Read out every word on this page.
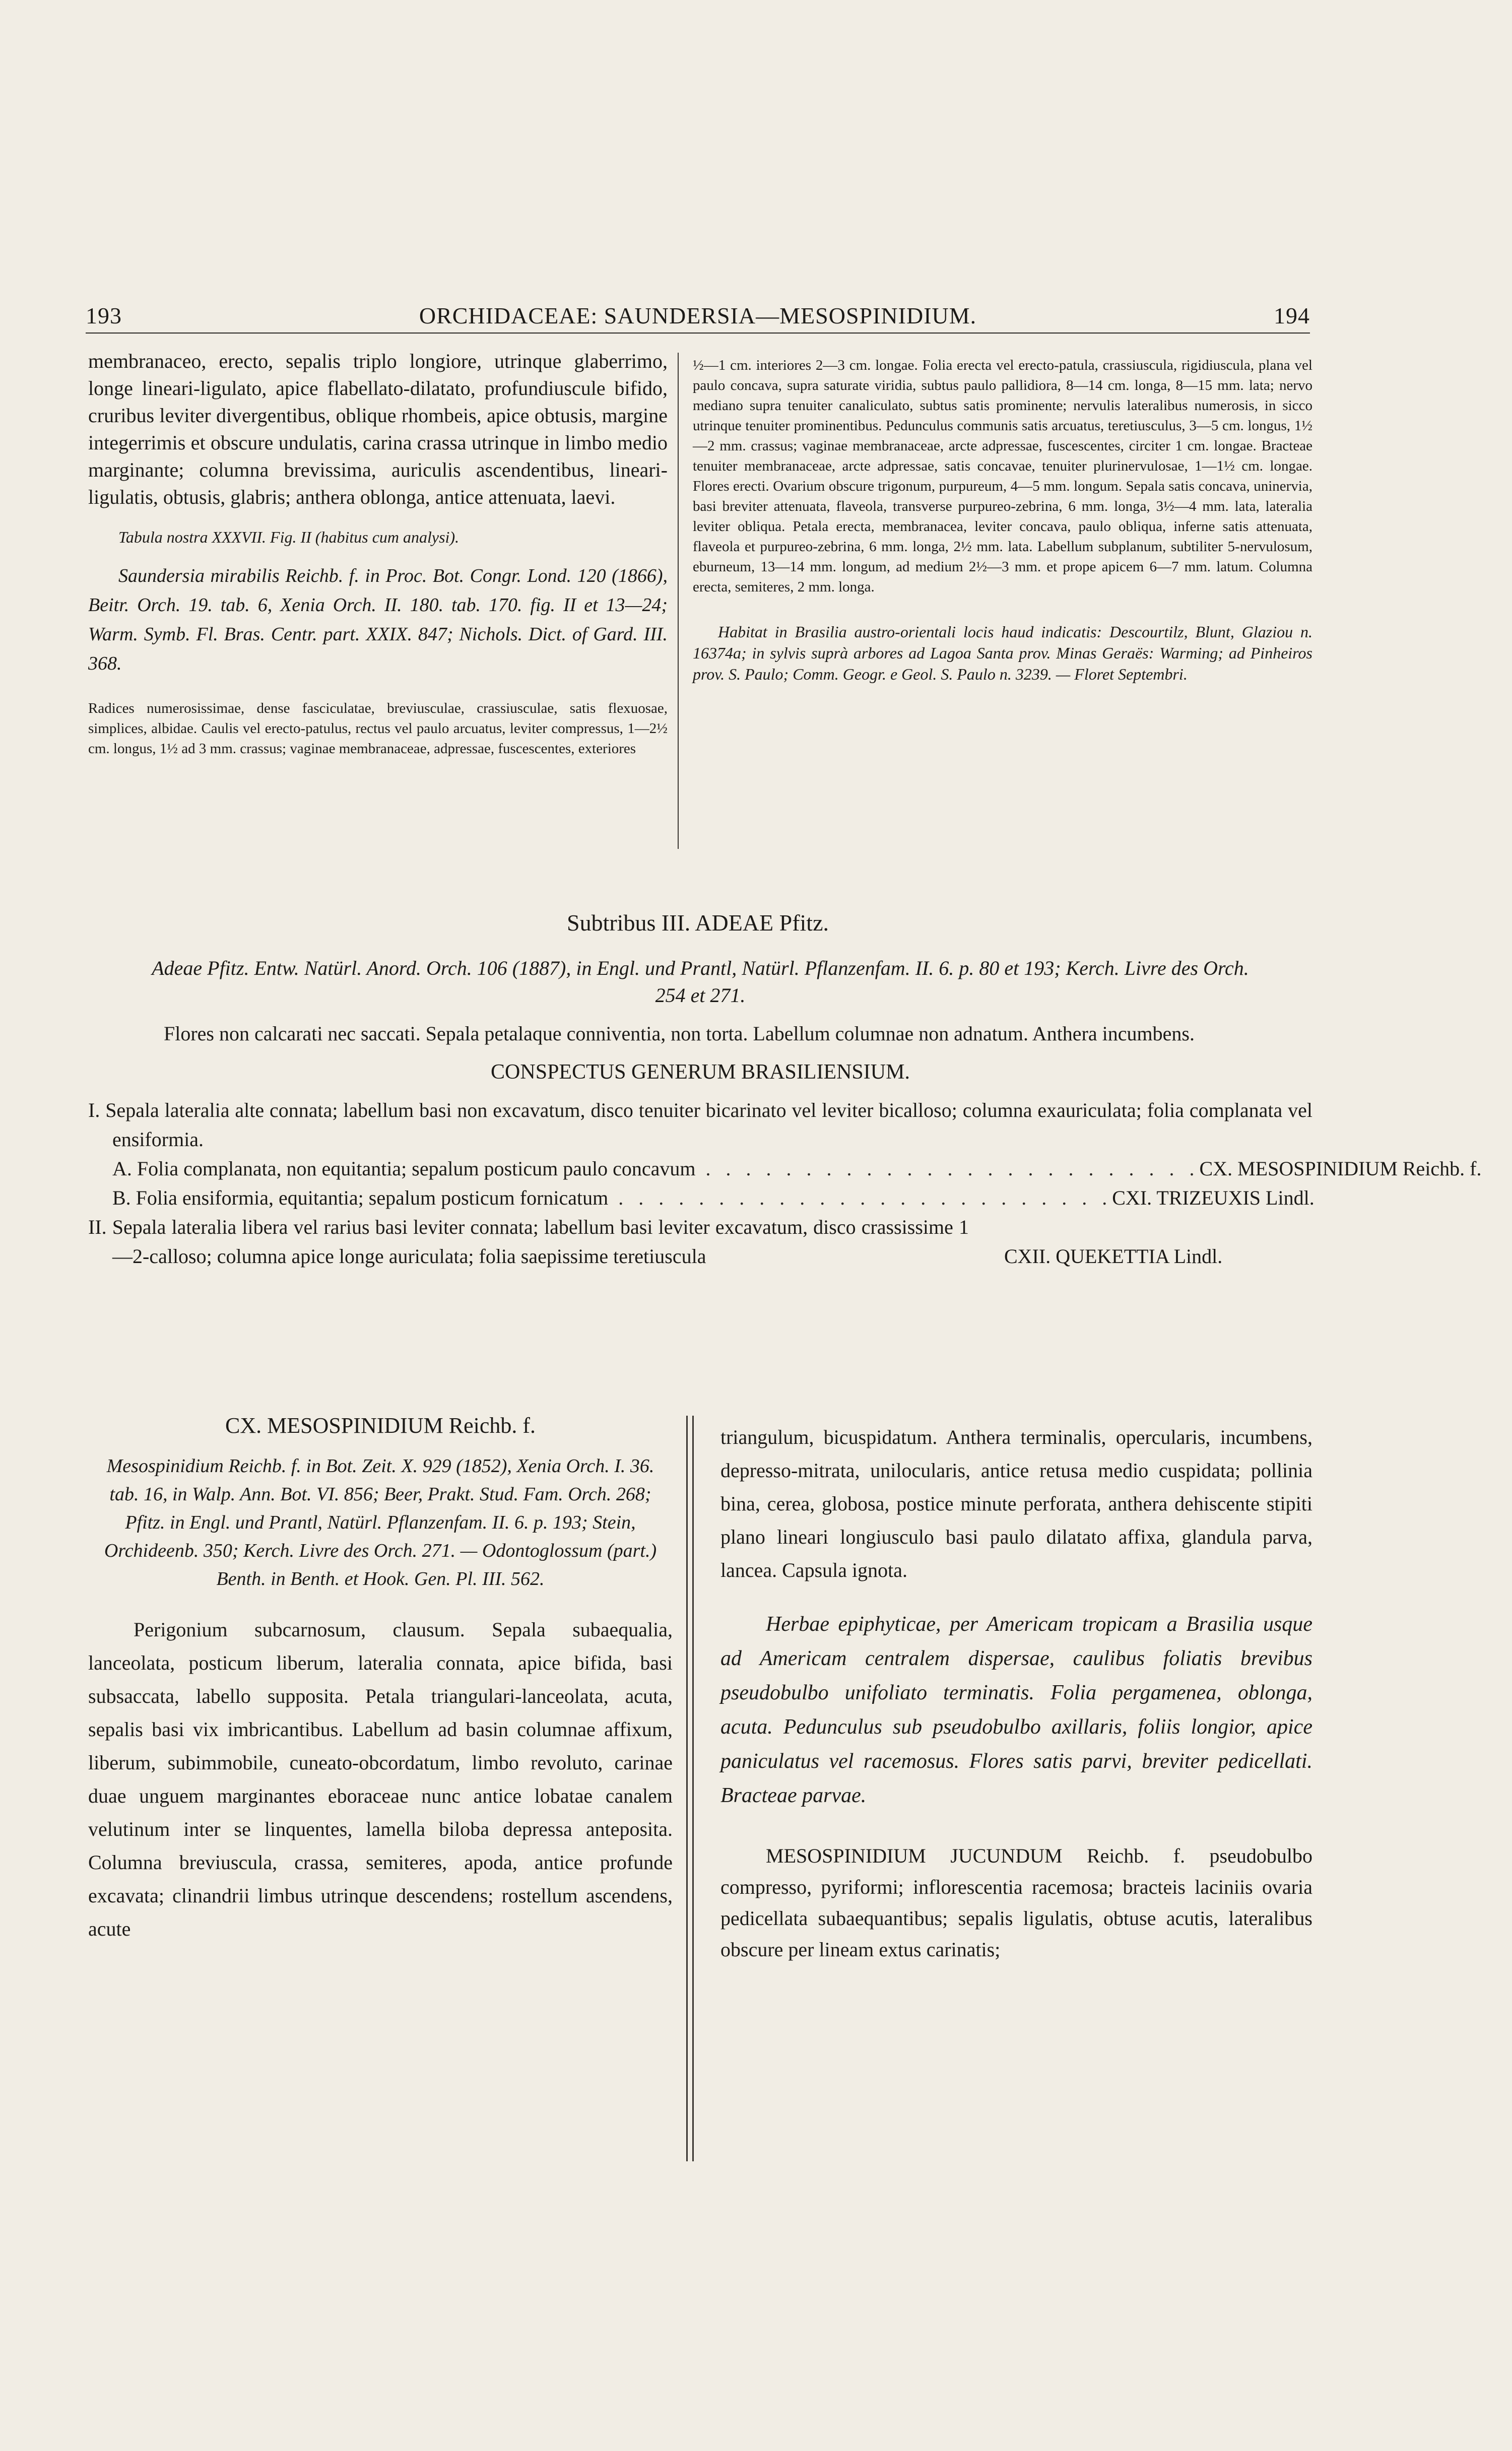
193	ORCHIDACEAE: SAUNDERSIA—MESOSPINIDIUM.	194

membranaceo, erecto, sepalis triplo longiore, utrinque glaberrimo, longe lineari-ligulato, apice flabellato-dilatato, profundiuscule bifido, cruribus leviter divergentibus, oblique rhombeis, apice obtusis, margine integerrimis et obscure undulatis, carina crassa utrinque in limbo medio marginante; columna brevissima, auriculis ascendentibus, lineari-ligulatis, obtusis, glabris; anthera oblonga, antice attenuata, laevi.

Tabula nostra XXXVII. Fig. II (habitus cum analysi).

Saundersia mirabilis Reichb. f. in Proc. Bot. Congr. Lond. 120 (1866), Beitr. Orch. 19. tab. 6, Xenia Orch. II. 180. tab. 170. fig. II et 13—24; Warm. Symb. Fl. Bras. Centr. part. XXIX. 847; Nichols. Dict. of Gard. III. 368.

Radices numerosissimae, dense fasciculatae, breviusculae, crassiusculae, satis flexuosae, simplices, albidae. Caulis vel erecto-patulus, rectus vel paulo arcuatus, leviter compressus, 1—2½ cm. longus, 1½ ad 3 mm. crassus; vaginae membranaceae, adpressae, fuscescentes, exteriores

½—1 cm. interiores 2—3 cm. longae. Folia erecta vel erecto-patula, crassiuscula, rigidiuscula, plana vel paulo concava, supra saturate viridia, subtus paulo pallidiora, 8—14 cm. longa, 8—15 mm. lata; nervo mediano supra tenuiter canaliculato, subtus satis prominente; nervulis lateralibus numerosis, in sicco utrinque tenuiter prominentibus. Pedunculus communis satis arcuatus, teretiusculus, 3—5 cm. longus, 1½—2 mm. crassus; vaginae membranaceae, arcte adpressae, fuscescentes, circiter 1 cm. longae. Bracteae tenuiter membranaceae, arcte adpressae, satis concavae, tenuiter plurinervulosae, 1—1½ cm. longae. Flores erecti. Ovarium obscure trigonum, purpureum, 4—5 mm. longum. Sepala satis concava, uninervia, basi breviter attenuata, flaveola, transverse purpureo-zebrina, 6 mm. longa, 3½—4 mm. lata, lateralia leviter obliqua. Petala erecta, membranacea, leviter concava, paulo obliqua, inferne satis attenuata, flaveola et purpureo-zebrina, 6 mm. longa, 2½ mm. lata. Labellum subplanum, subtiliter 5-nervulosum, eburneum, 13—14 mm. longum, ad medium 2½—3 mm. et prope apicem 6—7 mm. latum. Columna erecta, semiteres, 2 mm. longa.

Habitat in Brasilia austro-orientali locis haud indicatis: Descourtilz, Blunt, Glaziou n. 16374a; in sylvis suprà arbores ad Lagoa Santa prov. Minas Geraës: Warming; ad Pinheiros prov. S. Paulo; Comm. Geogr. e Geol. S. Paulo n. 3239. — Floret Septembri.

Subtribus III. ADEAE Pfitz.

Adeae Pfitz. Entw. Natürl. Anord. Orch. 106 (1887), in Engl. und Prantl, Natürl. Pflanzenfam. II. 6. p. 80 et 193; Kerch. Livre des Orch. 254 et 271.

Flores non calcarati nec saccati. Sepala petalaque conniventia, non torta. Labellum columnae non adnatum. Anthera incumbens.

CONSPECTUS GENERUM BRASILIENSIUM.

I. Sepala lateralia alte connata; labellum basi non excavatum, disco tenuiter bicarinato vel leviter bicalloso; columna exauriculata; folia complanata vel ensiformia.

A. Folia complanata, non equitantia; sepalum posticum paulo concavum . . . . . . . . . . . . . . . . . . . . . . . . . CX. MESOSPINIDIUM Reichb. f.
B. Folia ensiformia, equitantia; sepalum posticum fornicatum . . . . . . . . . . . . . . . . . . . . . . . . . CXI. TRIZEUXIS Lindl.
II. Sepala lateralia libera vel rarius basi leviter connata; labellum basi leviter excavatum, disco crassissime 1—2-calloso; columna apice longe auriculata; folia saepissime teretiuscula	CXII. QUEKETTIA Lindl.

CX. MESOSPINIDIUM Reichb. f.

Mesospinidium Reichb. f. in Bot. Zeit. X. 929 (1852), Xenia Orch. I. 36. tab. 16, in Walp. Ann. Bot. VI. 856; Beer, Prakt. Stud. Fam. Orch. 268; Pfitz. in Engl. und Prantl, Natürl. Pflanzenfam. II. 6. p. 193; Stein, Orchideenb. 350; Kerch. Livre des Orch. 271. — Odontoglossum (part.) Benth. in Benth. et Hook. Gen. Pl. III. 562.

Perigonium subcarnosum, clausum. Sepala subaequalia, lanceolata, posticum liberum, lateralia connata, apice bifida, basi subsaccata, labello supposita. Petala triangulari-lanceolata, acuta, sepalis basi vix imbricantibus. Labellum ad basin columnae affixum, liberum, subimmobile, cuneato-obcordatum, limbo revoluto, carinae duae unguem marginantes eboraceae nunc antice lobatae canalem velutinum inter se linquentes, lamella biloba depressa anteposita. Columna breviuscula, crassa, semiteres, apoda, antice profunde excavata; clinandrii limbus utrinque descendens; rostellum ascendens, acute

triangulum, bicuspidatum. Anthera terminalis, opercularis, incumbens, depresso-mitrata, unilocularis, antice retusa medio cuspidata; pollinia bina, cerea, globosa, postice minute perforata, anthera dehiscente stipiti plano lineari longiusculo basi paulo dilatato affixa, glandula parva, lancea. Capsula ignota.

Herbae epiphyticae, per Americam tropicam a Brasilia usque ad Americam centralem dispersae, caulibus foliatis brevibus pseudobulbo unifoliato terminatis. Folia pergamenea, oblonga, acuta. Pedunculus sub pseudobulbo axillaris, foliis longior, apice paniculatus vel racemosus. Flores satis parvi, breviter pedicellati. Bracteae parvae.

MESOSPINIDIUM JUCUNDUM Reichb. f. pseudobulbo compresso, pyriformi; inflorescentia racemosa; bracteis laciniis ovaria pedicellata subaequantibus; sepalis ligulatis, obtuse acutis, lateralibus obscure per lineam extus carinatis;
